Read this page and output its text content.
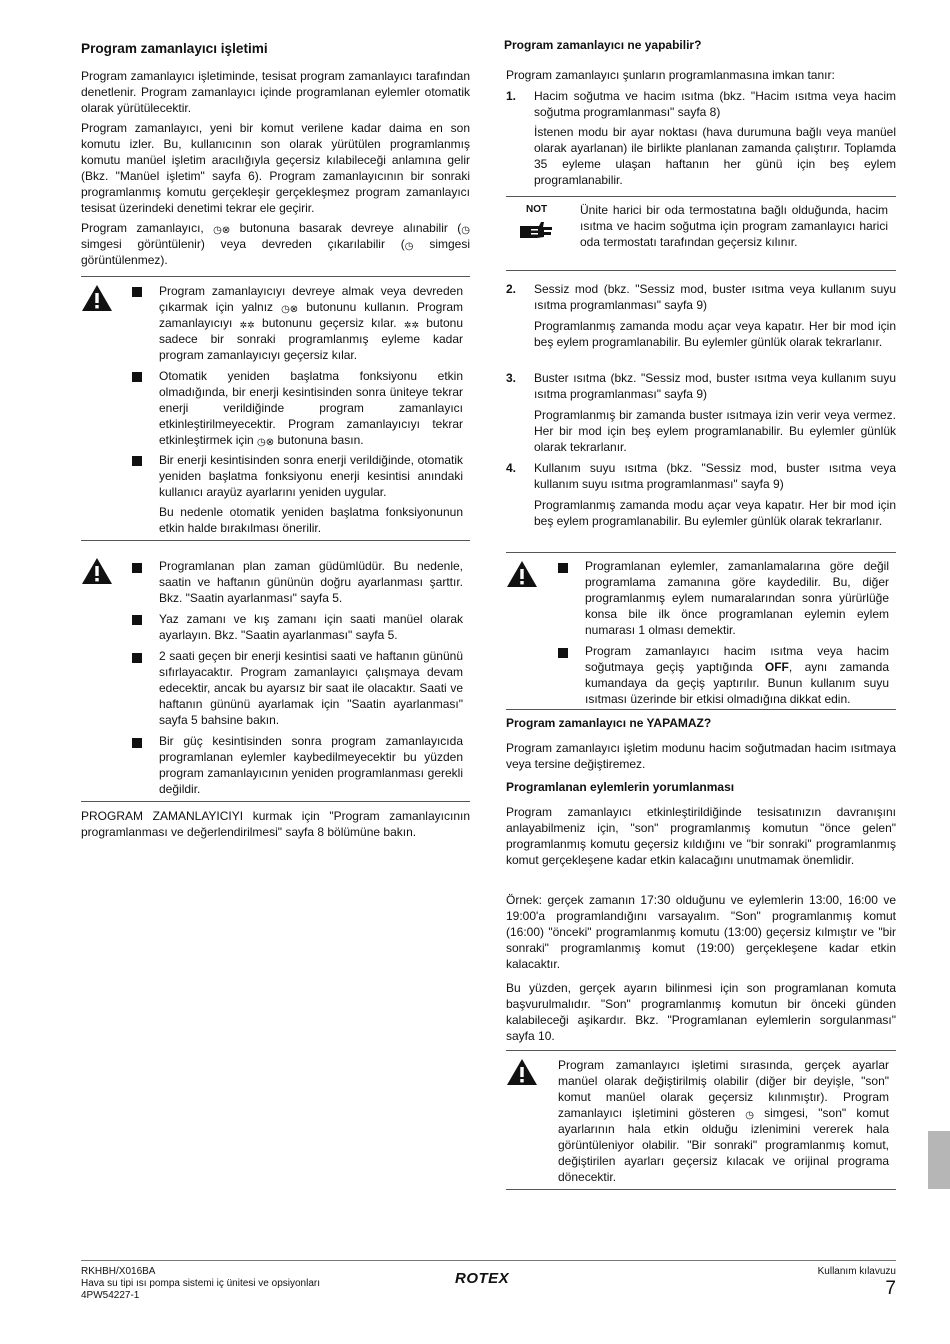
Program zamanlayıcı işletimi

Program zamanlayıcı işletiminde, tesisat program zamanlayıcı tarafından denetlenir. Program zamanlayıcı içinde programlanan eylemler otomatik olarak yürütülecektir.

Program zamanlayıcı, yeni bir komut verilene kadar daima en son komutu izler. Bu, kullanıcının son olarak yürütülen programlanmış komutu manüel işletim aracılığıyla geçersiz kılabileceği anlamına gelir (Bkz. "Manüel işletim" sayfa 6). Program zamanlayıcının bir sonraki programlanmış komutu gerçekleşir gerçekleşmez program zamanlayıcı tesisat üzerindeki denetimi tekrar ele geçirir.

Program zamanlayıcı, ◷⊗ butonuna basarak devreye alınabilir (◷ simgesi görüntülenir) veya devreden çıkarılabilir (◷ simgesi görüntülenmez).

Program zamanlayıcıyı devreye almak veya devreden çıkarmak için yalnız ◷⊗ butonunu kullanın. Program zamanlayıcıyı ✲✲ butonunu geçersiz kılar. ✲✲ butonu sadece bir sonraki programlanmış eyleme kadar program zamanlayıcıyı geçersiz kılar.
Otomatik yeniden başlatma fonksiyonu etkin olmadığında, bir enerji kesintisinden sonra üniteye tekrar enerji verildiğinde program zamanlayıcı etkinleştirilmeyecektir. Program zamanlayıcıyı tekrar etkinleştirmek için ◷⊗ butonuna basın.
Bir enerji kesintisinden sonra enerji verildiğinde, otomatik yeniden başlatma fonksiyonu enerji kesintisi anındaki kullanıcı arayüz ayarlarını yeniden uygular.
Bu nedenle otomatik yeniden başlatma fonksiyonunun etkin halde bırakılması önerilir.
Programlanan plan zaman güdümlüdür. Bu nedenle, saatin ve haftanın gününün doğru ayarlanması şarttır. Bkz. "Saatin ayarlanması" sayfa 5.
Yaz zamanı ve kış zamanı için saati manüel olarak ayarlayın. Bkz. "Saatin ayarlanması" sayfa 5.
2 saati geçen bir enerji kesintisi saati ve haftanın gününü sıfırlayacaktır. Program zamanlayıcı çalışmaya devam edecektir, ancak bu ayarsız bir saat ile olacaktır. Saati ve haftanın gününü ayarlamak için "Saatin ayarlanması" sayfa 5 bahsine bakın.
Bir güç kesintisinden sonra program zamanlayıcıda programlanan eylemler kaybedilmeyecektir bu yüzden program zamanlayıcının yeniden programlanması gerekli değildir.

PROGRAM ZAMANLAYICIYI kurmak için "Program zamanlayıcının programlanması ve değerlendirilmesi" sayfa 8 bölümüne bakın.

Program zamanlayıcı ne yapabilir?

Program zamanlayıcı şunların programlanmasına imkan tanır:

1. Hacim soğutma ve hacim ısıtma (bkz. "Hacim ısıtma veya hacim soğutma programlanması" sayfa 8)
İstenen modu bir ayar noktası (hava durumuna bağlı veya manüel olarak ayarlanan) ile birlikte planlanan zamanda çalıştırır. Toplamda 35 eyleme ulaşan haftanın her günü için beş eylem programlanabilir.
NOT	Ünite harici bir oda termostatına bağlı olduğunda, hacim ısıtma ve hacim soğutma için program zamanlayıcı harici oda termostatı tarafından geçersiz kılınır.
2. Sessiz mod (bkz. "Sessiz mod, buster ısıtma veya kullanım suyu ısıtma programlanması" sayfa 9)
Programlanmış zamanda modu açar veya kapatır. Her bir mod için beş eylem programlanabilir. Bu eylemler günlük olarak tekrarlanır.
3. Buster ısıtma (bkz. "Sessiz mod, buster ısıtma veya kullanım suyu ısıtma programlanması" sayfa 9)
Programlanmış bir zamanda buster ısıtmaya izin verir veya vermez. Her bir mod için beş eylem programlanabilir. Bu eylemler günlük olarak tekrarlanır.
4. Kullanım suyu ısıtma (bkz. "Sessiz mod, buster ısıtma veya kullanım suyu ısıtma programlanması" sayfa 9)
Programlanmış zamanda modu açar veya kapatır. Her bir mod için beş eylem programlanabilir. Bu eylemler günlük olarak tekrarlanır.
Programlanan eylemler, zamanlamalarına göre değil programlama zamanına göre kaydedilir. Bu, diğer programlanmış eylem numaralarından sonra yürürlüğe konsa bile ilk önce programlanan eylemin eylem numarası 1 olması demektir.
Program zamanlayıcı hacim ısıtma veya hacim soğutmaya geçiş yaptığında OFF, aynı zamanda kumandaya da geçiş yaptırılır. Bunun kullanım suyu ısıtması üzerinde bir etkisi olmadığına dikkat edin.
Program zamanlayıcı ne YAPAMAZ?

Program zamanlayıcı işletim modunu hacim soğutmadan hacim ısıtmaya veya tersine değiştiremez.

Programlanan eylemlerin yorumlanması

Program zamanlayıcı etkinleştirildiğinde tesisatınızın davranışını anlayabilmeniz için, "son" programlanmış komutun "önce gelen" programlanmış komutu geçersiz kıldığını ve "bir sonraki" programlanmış komut gerçekleşene kadar etkin kalacağını unutmamak önemlidir.

Örnek: gerçek zamanın 17:30 olduğunu ve eylemlerin 13:00, 16:00 ve 19:00'a programlandığını varsayalım. "Son" programlanmış komut (16:00) "önceki" programlanmış komutu (13:00) geçersiz kılmıştır ve "bir sonraki" programlanmış komut (19:00) gerçekleşene kadar etkin kalacaktır.

Bu yüzden, gerçek ayarın bilinmesi için son programlanan komuta başvurulmalıdır. "Son" programlanmış komutun bir önceki günden kalabileceği aşikardır. Bkz. "Programlanan eylemlerin sorgulanması" sayfa 10.

Program zamanlayıcı işletimi sırasında, gerçek ayarlar manüel olarak değiştirilmiş olabilir (diğer bir deyişle, "son" komut manüel olarak geçersiz kılınmıştır). Program zamanlayıcı işletimini gösteren ◷ simgesi, "son" komut ayarlarının hala etkin olduğu izlenimini vererek hala görüntüleniyor olabilir. "Bir sonraki" programlanmış komut, değiştirilen ayarları geçersiz kılacak ve orijinal programa dönecektir.
RKHBH/X016BA
Hava su tipi ısı pompa sistemi iç ünitesi ve opsiyonları
4PW54227-1
ROTEX	Kullanım kılavuzu
7
